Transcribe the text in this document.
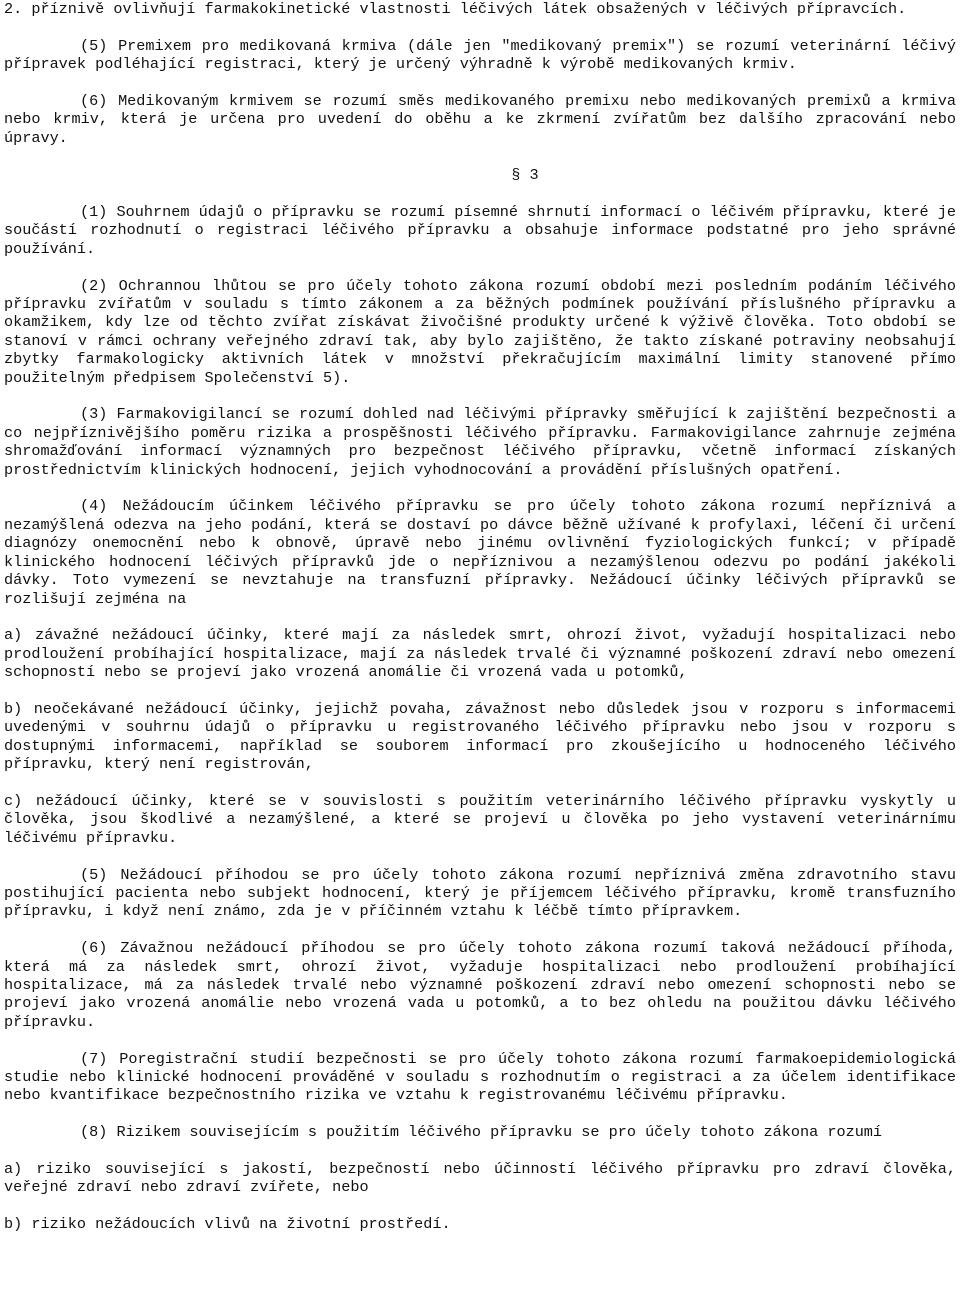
2. příznivě ovlivňují farmakokinetické vlastnosti léčivých látek obsažených v léčivých přípravcích.

(5) Premixem pro medikovaná krmiva (dále jen "medikovaný premix") se rozumí veterinární léčivý přípravek podléhající registraci, který je určený výhradně k výrobě medikovaných krmiv.

(6) Medikovaným krmivem se rozumí směs medikovaného premixu nebo medikovaných premixů a krmiva nebo krmiv, která je určena pro uvedení do oběhu a ke zkrmení zvířatům bez dalšího zpracování nebo úpravy.

§ 3

(1) Souhrnem údajů o přípravku se rozumí písemné shrnutí informací o léčivém přípravku, které je součástí rozhodnutí o registraci léčivého přípravku a obsahuje informace podstatné pro jeho správné používání.

(2) Ochrannou lhůtou se pro účely tohoto zákona rozumí období mezi posledním podáním léčivého přípravku zvířatům v souladu s tímto zákonem a za běžných podmínek používání příslušného přípravku a okamžikem, kdy lze od těchto zvířat získávat živočišné produkty určené k výživě člověka. Toto období se stanoví v rámci ochrany veřejného zdraví tak, aby bylo zajištěno, že takto získané potraviny neobsahují zbytky farmakologicky aktivních látek v množství překračujícím maximální limity stanovené přímo použitelným předpisem Společenství 5).

(3) Farmakovigilancí se rozumí dohled nad léčivými přípravky směřující k zajištění bezpečnosti a co nejpříznivějšího poměru rizika a prospěšnosti léčivého přípravku. Farmakovigilance zahrnuje zejména shromažďování informací významných pro bezpečnost léčivého přípravku, včetně informací získaných prostřednictvím klinických hodnocení, jejich vyhodnocování a provádění příslušných opatření.

(4) Nežádoucím účinkem léčivého přípravku se pro účely tohoto zákona rozumí nepříznivá a nezamýšlená odezva na jeho podání, která se dostaví po dávce běžně užívané k profylaxi, léčení či určení diagnózy onemocnění nebo k obnově, úpravě nebo jinému ovlivnění fyziologických funkcí; v případě klinického hodnocení léčivých přípravků jde o nepříznivou a nezamýšlenou odezvu po podání jakékoli dávky. Toto vymezení se nevztahuje na transfuzní přípravky. Nežádoucí účinky léčivých přípravků se rozlišují zejména na

a) závažné nežádoucí účinky, které mají za následek smrt, ohrozí život, vyžadují hospitalizaci nebo prodloužení probíhající hospitalizace, mají za následek trvalé či významné poškození zdraví nebo omezení schopností nebo se projeví jako vrozená anomálie či vrozená vada u potomků,

b) neočekávané nežádoucí účinky, jejichž povaha, závažnost nebo důsledek jsou v rozporu s informacemi uvedenými v souhrnu údajů o přípravku u registrovaného léčivého přípravku nebo jsou v rozporu s dostupnými informacemi, například se souborem informací pro zkoušejícího u hodnoceného léčivého přípravku, který není registrován,

c) nežádoucí účinky, které se v souvislosti s použitím veterinárního léčivého přípravku vyskytly u člověka, jsou škodlivé a nezamýšlené, a které se projeví u člověka po jeho vystavení veterinárnímu léčivému přípravku.

(5) Nežádoucí příhodou se pro účely tohoto zákona rozumí nepříznivá změna zdravotního stavu postihující pacienta nebo subjekt hodnocení, který je příjemcem léčivého přípravku, kromě transfuzního přípravku, i když není známo, zda je v příčinném vztahu k léčbě tímto přípravkem.

(6) Závažnou nežádoucí příhodou se pro účely tohoto zákona rozumí taková nežádoucí příhoda, která má za následek smrt, ohrozí život, vyžaduje hospitalizaci nebo prodloužení probíhající hospitalizace, má za následek trvalé nebo významné poškození zdraví nebo omezení schopnosti nebo se projeví jako vrozená anomálie nebo vrozená vada u potomků, a to bez ohledu na použitou dávku léčivého přípravku.

(7) Poregistrační studií bezpečnosti se pro účely tohoto zákona rozumí farmakoepidemiologická studie nebo klinické hodnocení prováděné v souladu s rozhodnutím o registraci a za účelem identifikace nebo kvantifikace bezpečnostního rizika ve vztahu k registrovanému léčivému přípravku.

(8) Rizikem souvisejícím s použitím léčivého přípravku se pro účely tohoto zákona rozumí

a) riziko související s jakostí, bezpečností nebo účinností léčivého přípravku pro zdraví člověka, veřejné zdraví nebo zdraví zvířete, nebo

b) riziko nežádoucích vlivů na životní prostředí.
